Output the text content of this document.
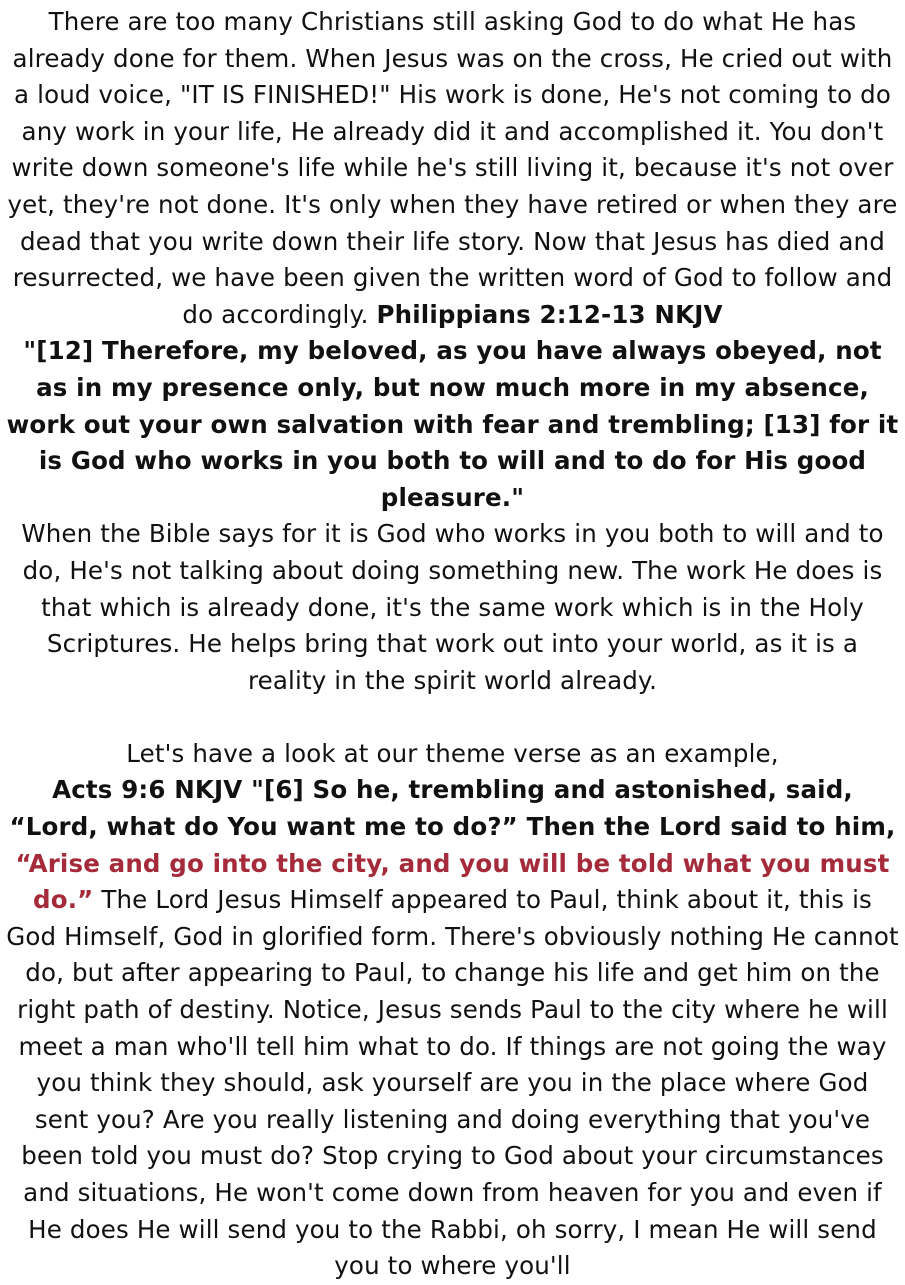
There are too many Christians still asking God to do what He has already done for them. When Jesus was on the cross, He cried out with a loud voice, "IT IS FINISHED!" His work is done, He's not coming to do any work in your life, He already did it and accomplished it. You don't write down someone's life while he's still living it, because it's not over yet, they're not done. It's only when they have retired or when they are dead that you write down their life story. Now that Jesus has died and resurrected, we have been given the written word of God to follow and do accordingly. Philippians 2:12-13 NKJV
"[12] Therefore, my beloved, as you have always obeyed, not as in my presence only, but now much more in my absence, work out your own salvation with fear and trembling; [13] for it is God who works in you both to will and to do for His good pleasure."
When the Bible says for it is God who works in you both to will and to do, He's not talking about doing something new. The work He does is that which is already done, it's the same work which is in the Holy Scriptures. He helps bring that work out into your world, as it is a reality in the spirit world already.

Let's have a look at our theme verse as an example,
Acts 9:6 NKJV "[6] So he, trembling and astonished, said, “Lord, what do You want me to do?” Then the Lord said to him, “Arise and go into the city, and you will be told what you must do.” The Lord Jesus Himself appeared to Paul, think about it, this is God Himself, God in glorified form. There's obviously nothing He cannot do, but after appearing to Paul, to change his life and get him on the right path of destiny. Notice, Jesus sends Paul to the city where he will meet a man who'll tell him what to do. If things are not going the way you think they should, ask yourself are you in the place where God sent you? Are you really listening and doing everything that you've been told you must do? Stop crying to God about your circumstances and situations, He won't come down from heaven for you and even if He does He will send you to the Rabbi, oh sorry, I mean He will send you to where you'll
